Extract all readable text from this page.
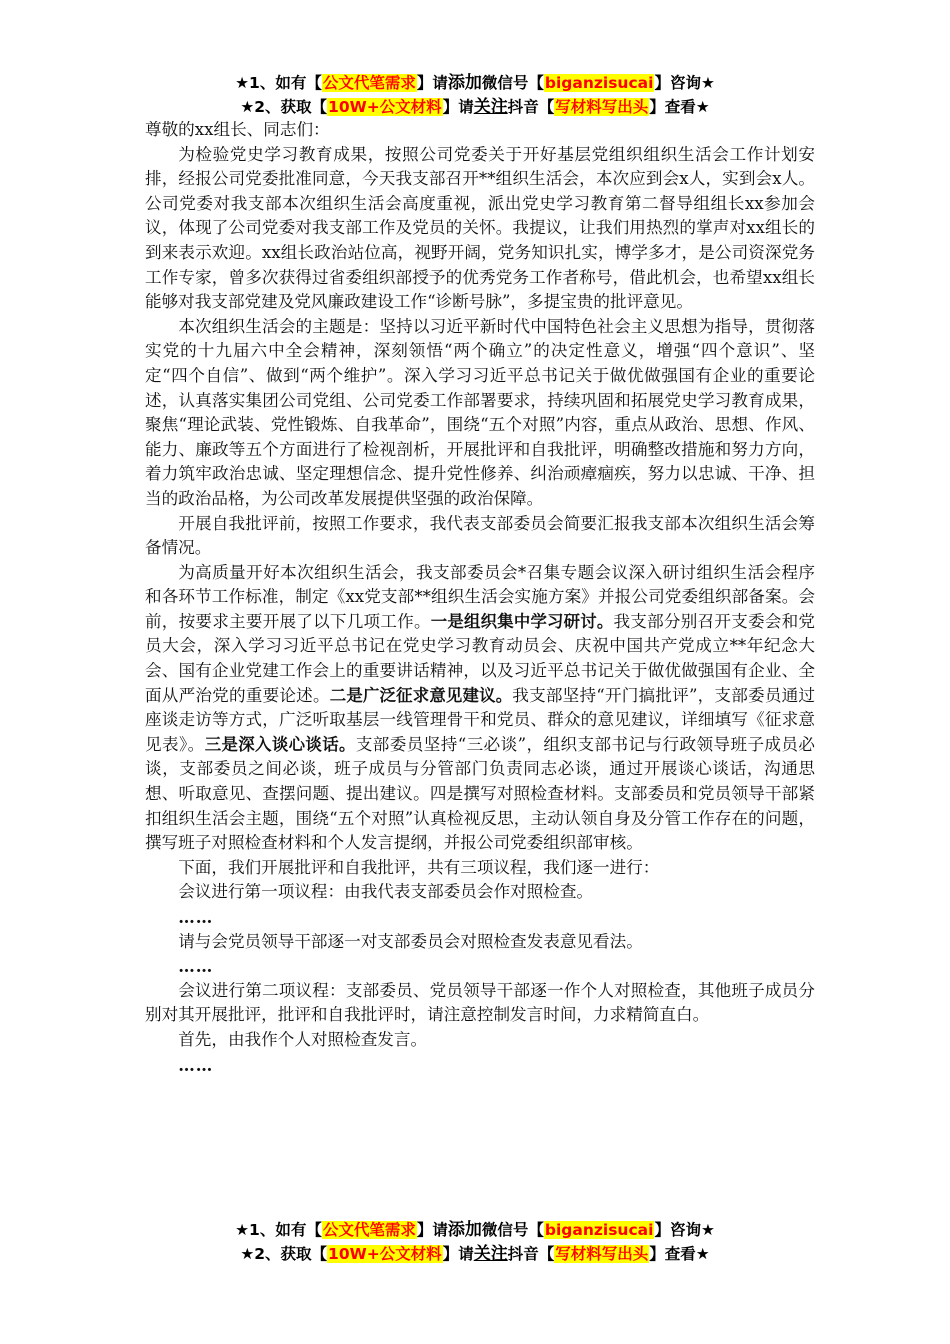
★1、如有【公文代笔需求】请添加微信号【biganzisucai】咨询★
★2、获取【10W+公文材料】请关注抖音【写材料写出头】查看★

尊敬的xx组长、同志们：

为检验党史学习教育成果，按照公司党委关于开好基层党组织组织生活会工作计划安排，经报公司党委批准同意，今天我支部召开**组织生活会，本次应到会x人，实到会x人。公司党委对我支部本次组织生活会高度重视，派出党史学习教育第二督导组组长xx参加会议，体现了公司党委对我支部工作及党员的关怀。我提议，让我们用热烈的掌声对xx组长的到来表示欢迎。xx组长政治站位高，视野开阔，党务知识扎实，博学多才，是公司资深党务工作专家，曾多次获得过省委组织部授予的优秀党务工作者称号，借此机会，也希望xx组长能够对我支部党建及党风廉政建设工作“诊断号脉”，多提宝贵的批评意见。

本次组织生活会的主题是：坚持以习近平新时代中国特色社会主义思想为指导，贯彻落实党的十九届六中全会精神，深刻领悟“两个确立”的决定性意义，增强“四个意识”、坚定“四个自信”、做到“两个维护”。深入学习习近平总书记关于做优做强国有企业的重要论述，认真落实集团公司党组、公司党委工作部署要求，持续巩固和拓展党史学习教育成果，聚焦“理论武装、党性锻炼、自我革命”，围绕“五个对照”内容，重点从政治、思想、作风、能力、廉政等五个方面进行了检视剖析，开展批评和自我批评，明确整改措施和努力方向，着力筑牢政治忠诚、坚定理想信念、提升党性修养、纠治顽瘴痼疾，努力以忠诚、干净、担当的政治品格，为公司改革发展提供坚强的政治保障。

开展自我批评前，按照工作要求，我代表支部委员会简要汇报我支部本次组织生活会筹备情况。

为高质量开好本次组织生活会，我支部委员会*召集专题会议深入研讨组织生活会程序和各环节工作标准，制定《xx党支部**组织生活会实施方案》并报公司党委组织部备案。会前，按要求主要开展了以下几项工作。一是组织集中学习研讨。我支部分别召开支委会和党员大会，深入学习习近平总书记在党史学习教育动员会、庆祝中国共产党成立**年纪念大会、国有企业党建工作会上的重要讲话精神，以及习近平总书记关于做优做强国有企业、全面从严治党的重要论述。二是广泛征求意见建议。我支部坚持“开门搞批评”，支部委员通过座谈走访等方式，广泛听取基层一线管理骨干和党员、群众的意见建议，详细填写《征求意见表》。三是深入谈心谈话。支部委员坚持“三必谈”，组织支部书记与行政领导班子成员必谈，支部委员之间必谈，班子成员与分管部门负责同志必谈，通过开展谈心谈话，沟通思想、听取意见、查摆问题、提出建议。四是撰写对照检查材料。支部委员和党员领导干部紧扣组织生活会主题，围绕“五个对照”认真检视反思，主动认领自身及分管工作存在的问题，撰写班子对照检查材料和个人发言提纲，并报公司党委组织部审核。

下面，我们开展批评和自我批评，共有三项议程，我们逐一进行：

会议进行第一项议程：由我代表支部委员会作对照检查。

……

请与会党员领导干部逐一对支部委员会对照检查发表意见看法。

……

会议进行第二项议程：支部委员、党员领导干部逐一作个人对照检查，其他班子成员分别对其开展批评，批评和自我批评时，请注意控制发言时间，力求精简直白。

首先，由我作个人对照检查发言。

……

★1、如有【公文代笔需求】请添加微信号【biganzisucai】咨询★
★2、获取【10W+公文材料】请关注抖音【写材料写出头】查看★
